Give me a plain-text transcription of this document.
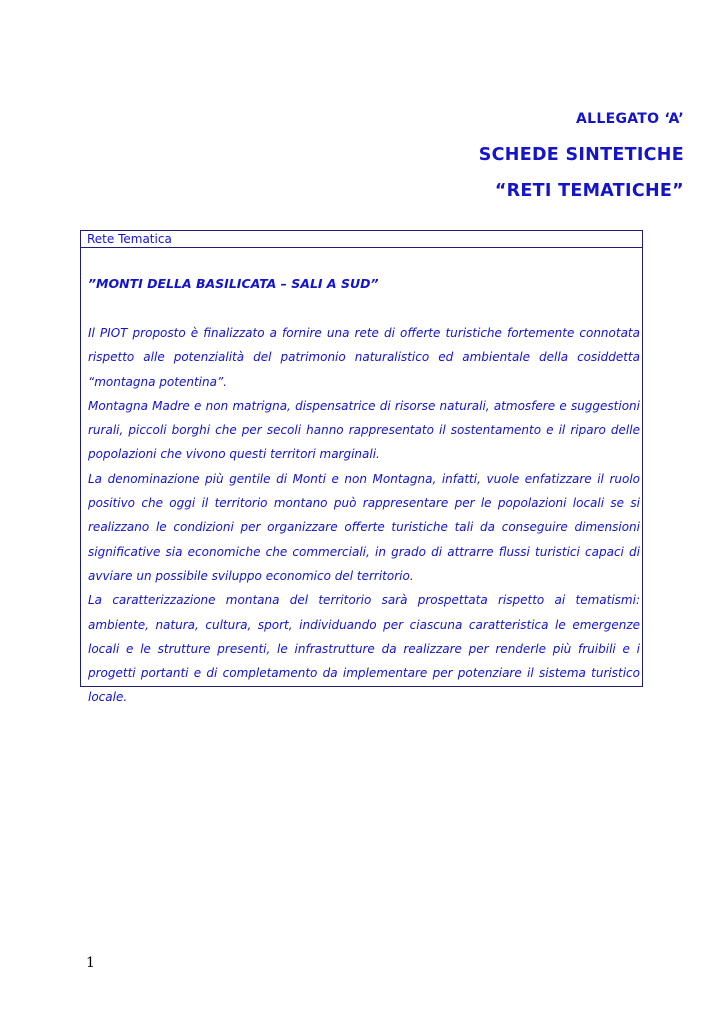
ALLEGATO ‘A’
SCHEDE SINTETICHE
“RETI TEMATICHE”
Rete Tematica
”MONTI DELLA BASILICATA – SALI A SUD”

Il PIOT proposto è finalizzato a fornire una rete di offerte turistiche fortemente connotata rispetto alle potenzialità del patrimonio naturalistico ed ambientale della cosiddetta “montagna potentina”.

Montagna Madre e non matrigna, dispensatrice di risorse naturali, atmosfere e suggestioni rurali, piccoli borghi che per secoli hanno rappresentato il sostentamento e il riparo delle popolazioni che vivono questi territori marginali.

La denominazione più gentile di Monti e non Montagna, infatti, vuole enfatizzare il ruolo positivo che oggi il territorio montano può rappresentare per le popolazioni locali se si realizzano le condizioni per organizzare offerte turistiche tali da conseguire dimensioni significative sia economiche che commerciali, in grado di attrarre flussi turistici capaci di avviare un possibile sviluppo economico del territorio.

La caratterizzazione montana del territorio sarà prospettata rispetto ai tematismi: ambiente, natura, cultura, sport, individuando per ciascuna caratteristica le emergenze locali e le strutture presenti, le infrastrutture da realizzare per renderle più fruibili e i progetti portanti e di completamento da implementare per potenziare il sistema turistico locale.

1
